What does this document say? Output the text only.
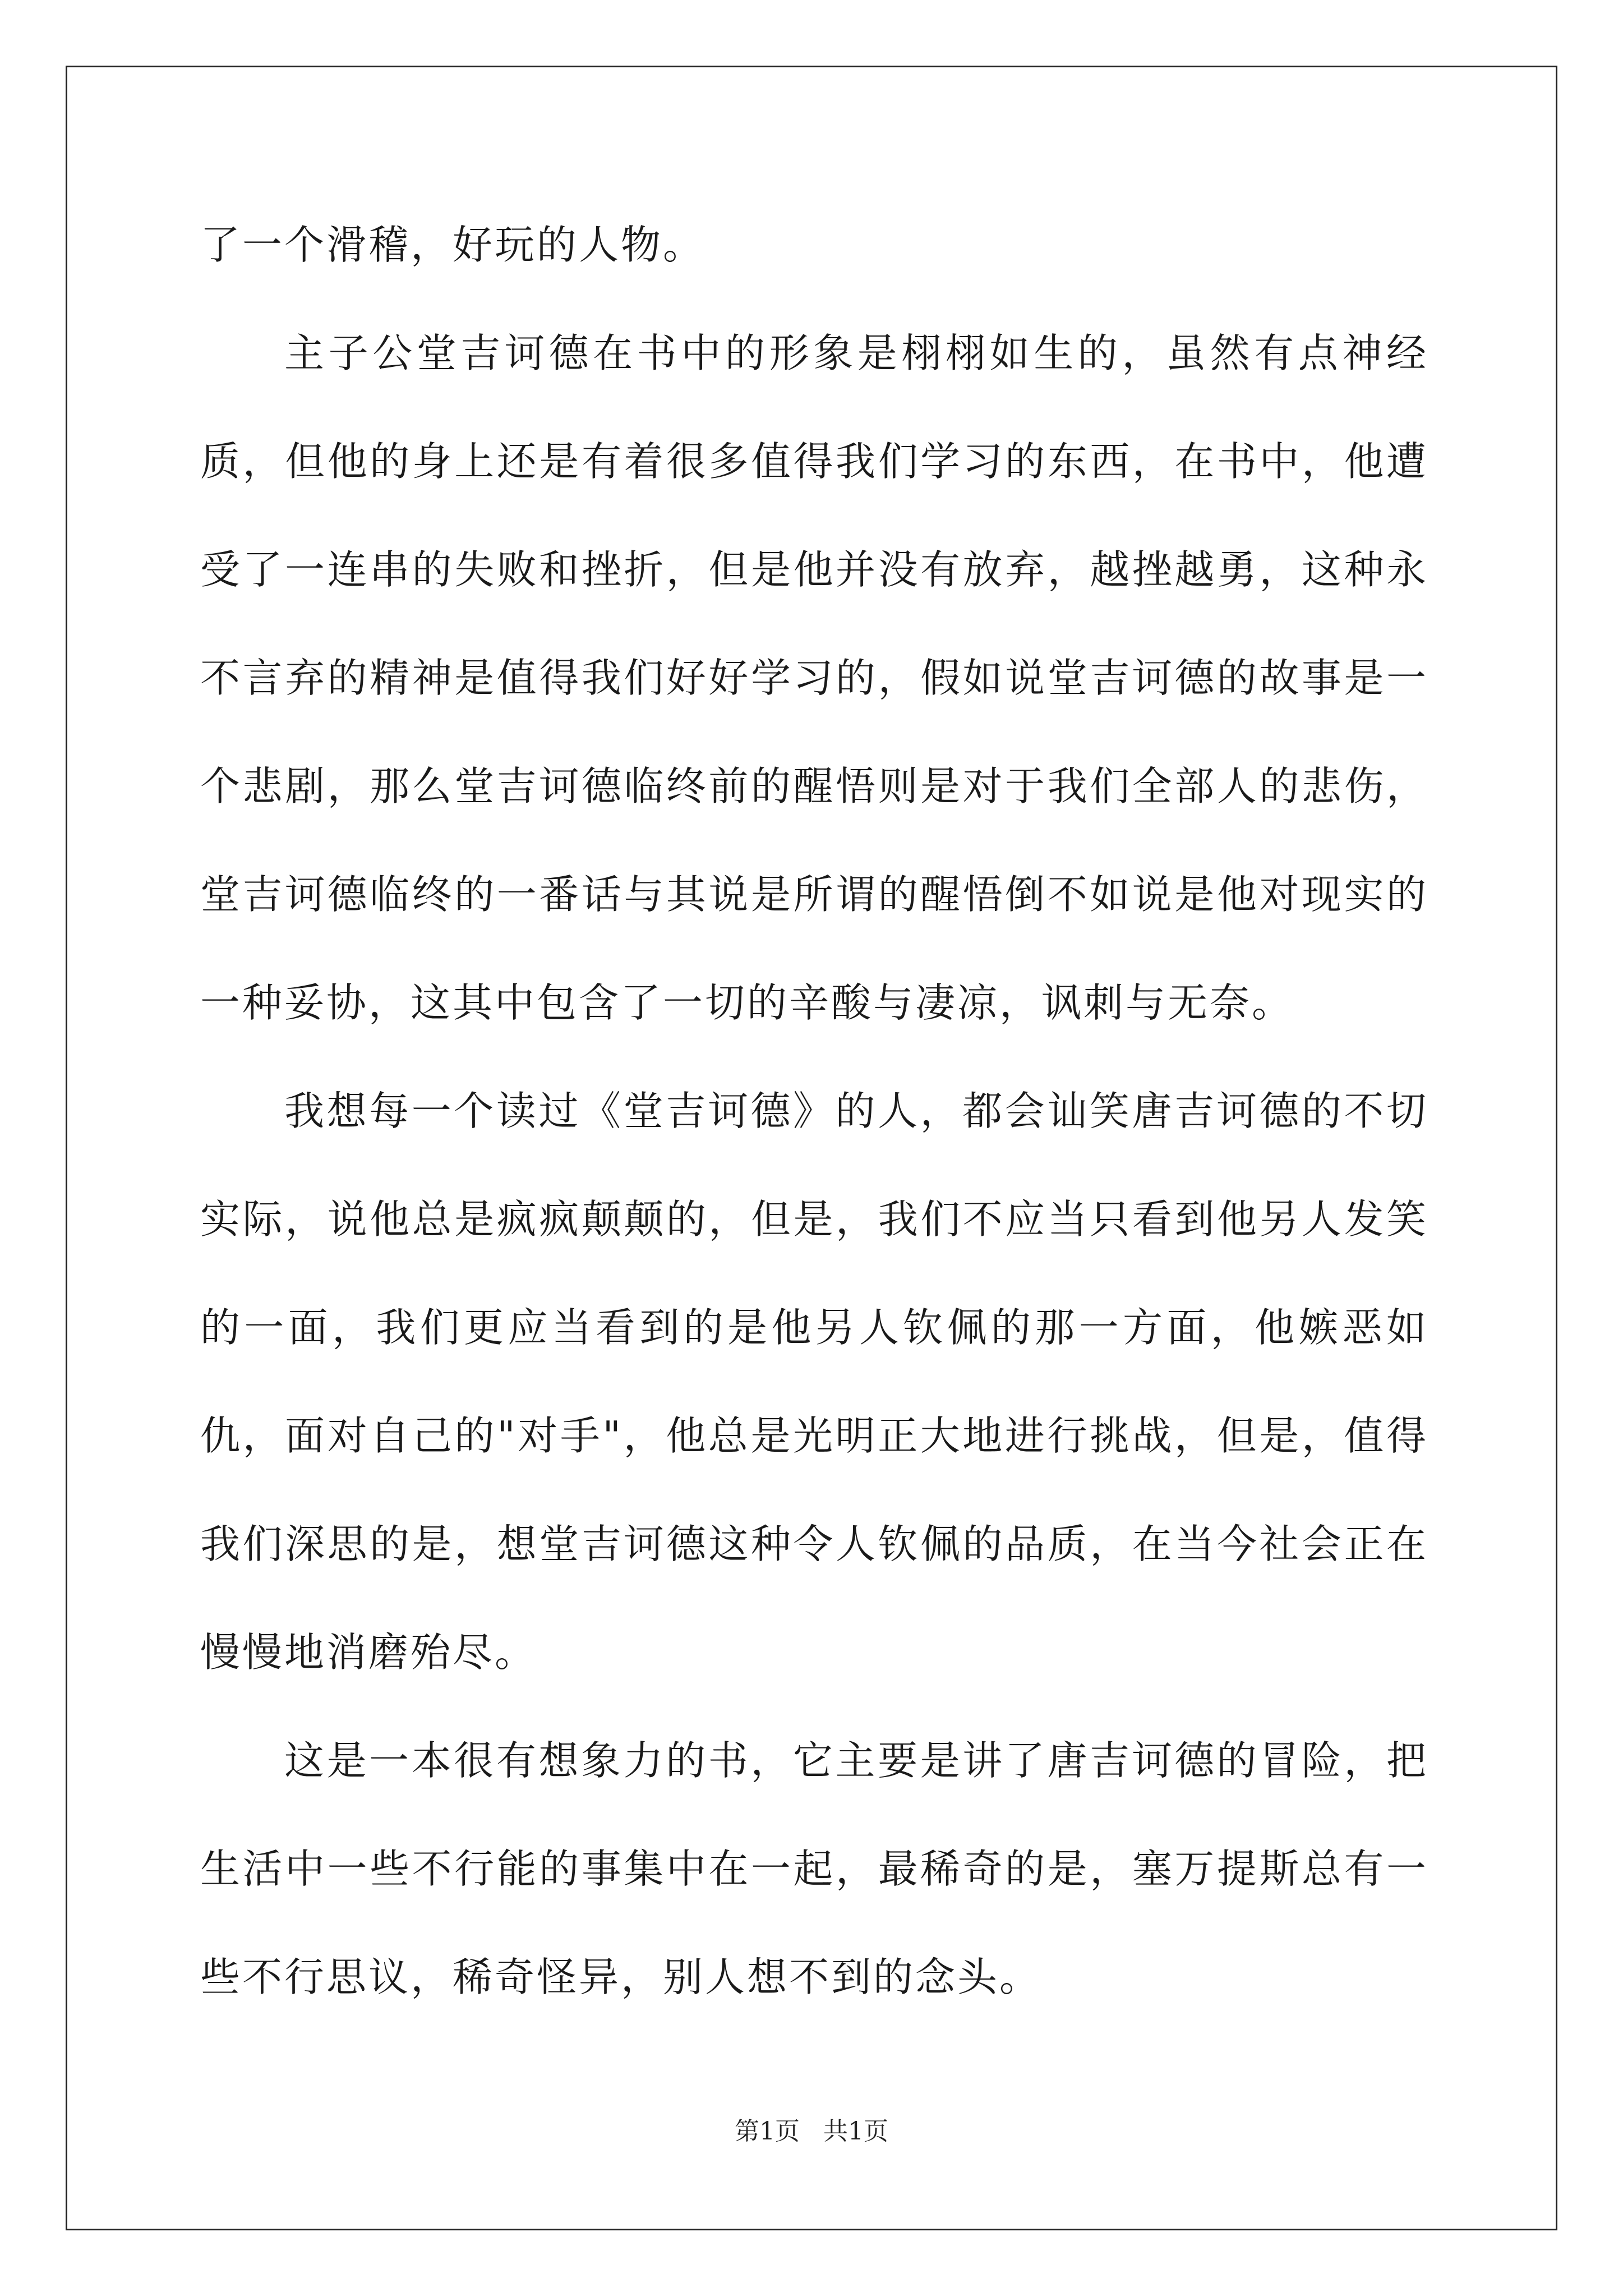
了一个滑稽，好玩的人物。

主子公堂吉诃德在书中的形象是栩栩如生的，虽然有点神经质，但他的身上还是有着很多值得我们学习的东西，在书中，他遭受了一连串的失败和挫折，但是他并没有放弃，越挫越勇，这种永不言弃的精神是值得我们好好学习的，假如说堂吉诃德的故事是一个悲剧，那么堂吉诃德临终前的醒悟则是对于我们全部人的悲伤，堂吉诃德临终的一番话与其说是所谓的醒悟倒不如说是他对现实的一种妥协，这其中包含了一切的辛酸与凄凉，讽刺与无奈。

我想每一个读过《堂吉诃德》的人，都会讪笑唐吉诃德的不切实际，说他总是疯疯颠颠的，但是，我们不应当只看到他另人发笑的一面，我们更应当看到的是他另人钦佩的那一方面，他嫉恶如仇，面对自己的"对手"，他总是光明正大地进行挑战，但是，值得我们深思的是，想堂吉诃德这种令人钦佩的品质，在当今社会正在慢慢地消磨殆尽。

这是一本很有想象力的书，它主要是讲了唐吉诃德的冒险，把生活中一些不行能的事集中在一起，最稀奇的是，塞万提斯总有一些不行思议，稀奇怪异，别人想不到的念头。

第1页 共1页
